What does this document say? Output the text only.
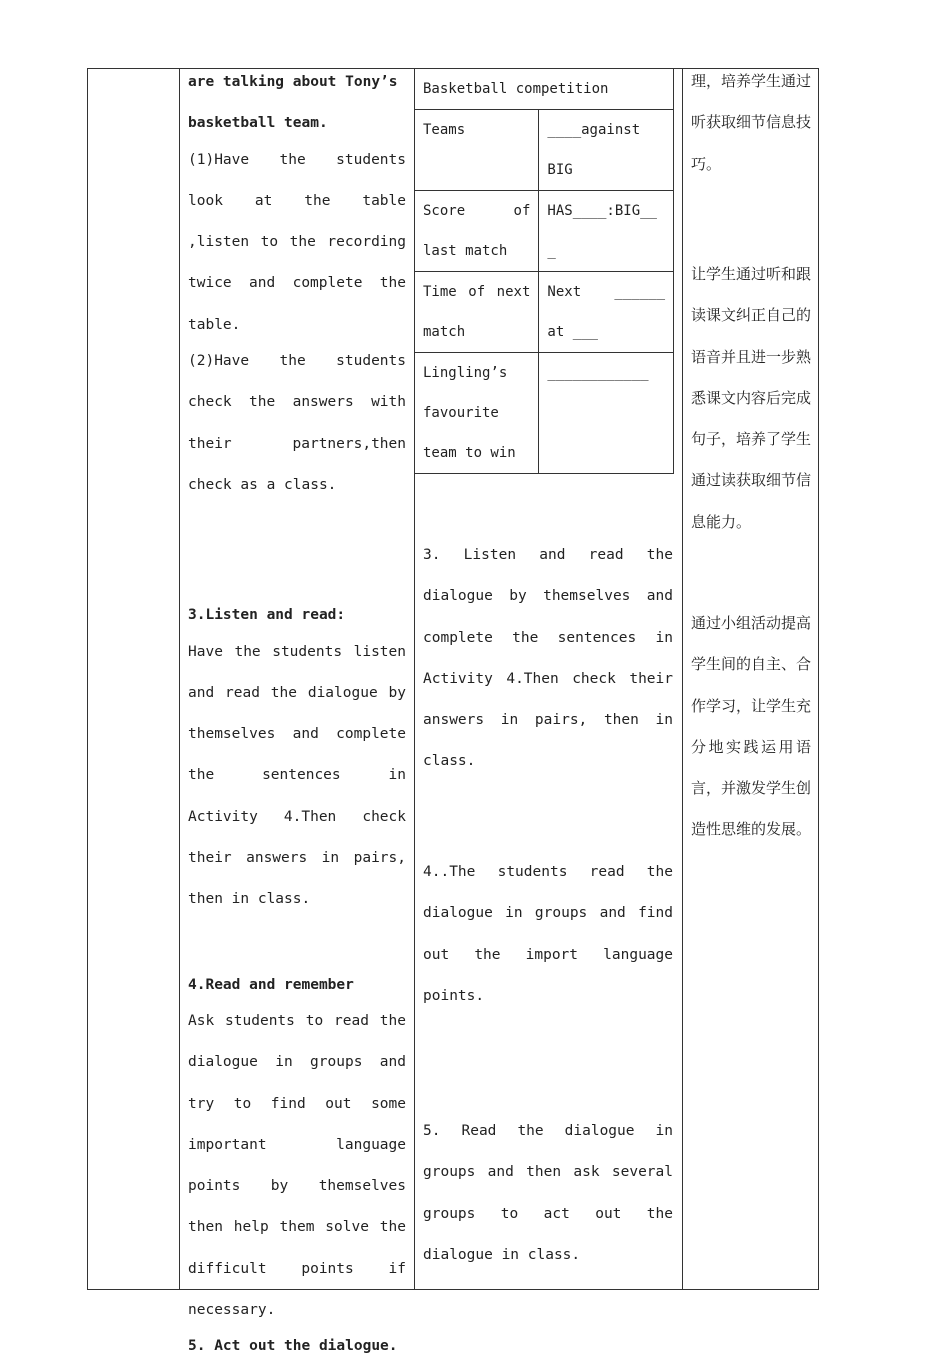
are talking about Tony’s

basketball team.

(1)Have the students look at the table ,listen to the recording twice and complete the table.

(2)Have the students check the answers with their partners,then check as a class.

3.Listen and read:

Have the students listen and read the dialogue by themselves and complete the sentences in Activity 4.Then check their answers in pairs, then in class.

4.Read and remember

Ask students to read the dialogue in groups and try to find out some important language points by themselves then help them solve the difficult points if necessary.

5. Act out the dialogue.

Basketball competition	
Teams	____against BIG
Score of last match	HAS____:BIG___
Time of next match	Next ______ at ___
Lingling’s favourite team to win	____________

3. Listen and read the dialogue by themselves and complete the sentences in Activity 4.Then check their answers in pairs, then in class.

4..The students read the dialogue in groups and find out the import language points.

5. Read the dialogue in groups and then ask several groups to act out the dialogue in class.

理，培养学生通过听获取细节信息技巧。

让学生通过听和跟读课文纠正自己的语音并且进一步熟悉课文内容后完成句子，培养了学生通过读获取细节信息能力。

通过小组活动提高学生间的自主、合作学习，让学生充分地实践运用语言，并激发学生创造性思维的发展。
